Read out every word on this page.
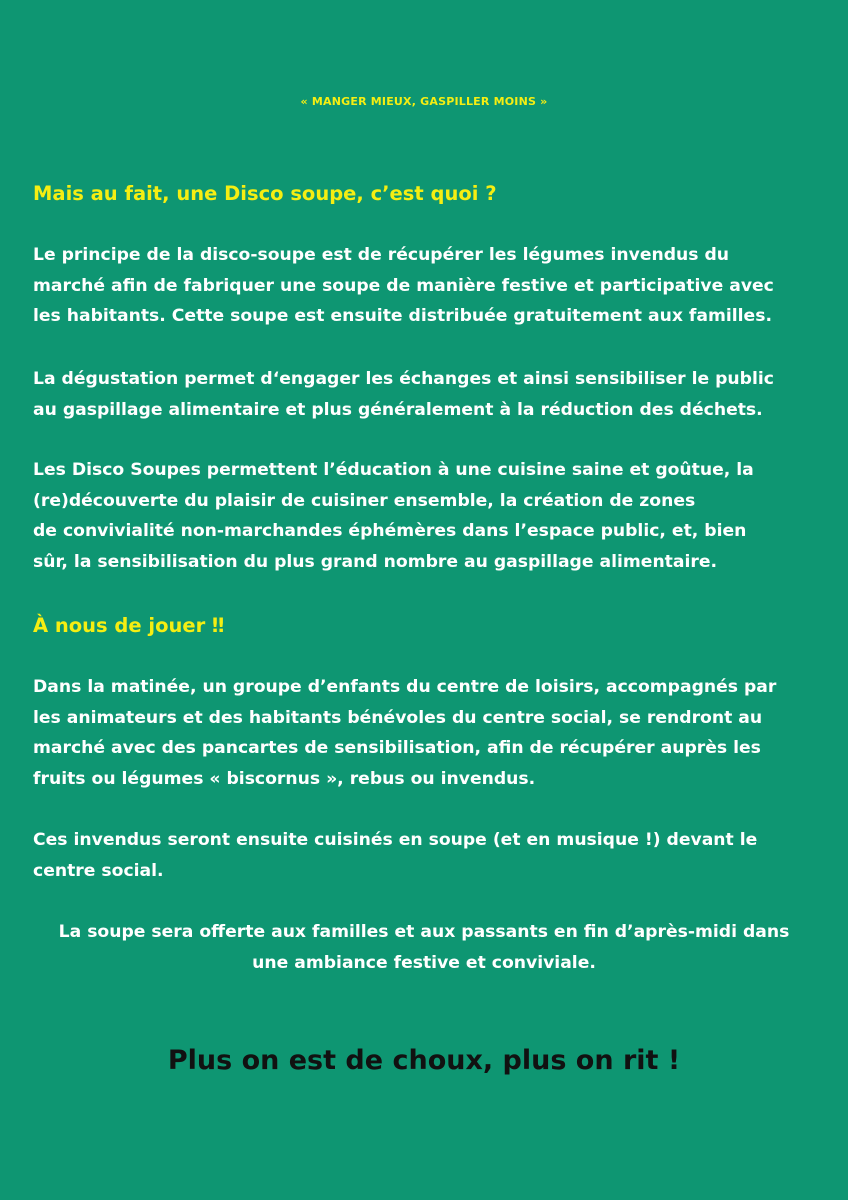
« MANGER MIEUX, GASPILLER MOINS »
Mais au fait, une Disco soupe, c’est quoi ?
Le principe de la disco-soupe est de récupérer les légumes invendus du
marché afin de fabriquer une soupe de manière festive et participative avec
les habitants. Cette soupe est ensuite distribuée gratuitement aux familles.
La dégustation permet d‘engager les échanges et ainsi sensibiliser le public
au gaspillage alimentaire et plus généralement à la réduction des déchets.
Les Disco Soupes permettent l’éducation à une cuisine saine et goûtue, la
(re)découverte du plaisir de cuisiner ensemble, la création de zones
de convivialité non-marchandes éphémères dans l’espace public, et, bien
sûr, la sensibilisation du plus grand nombre au gaspillage alimentaire.
À nous de jouer ‼
Dans la matinée, un groupe d’enfants du centre de loisirs, accompagnés par
les animateurs et des habitants bénévoles du centre social, se rendront au
marché avec des pancartes de sensibilisation, afin de récupérer auprès les
fruits ou légumes « biscornus », rebus ou invendus.
Ces invendus seront ensuite cuisinés en soupe (et en musique !) devant le
centre social.
La soupe sera offerte aux familles et aux passants en fin d’après-midi dans
une ambiance festive et conviviale.
Plus on est de choux, plus on rit !
